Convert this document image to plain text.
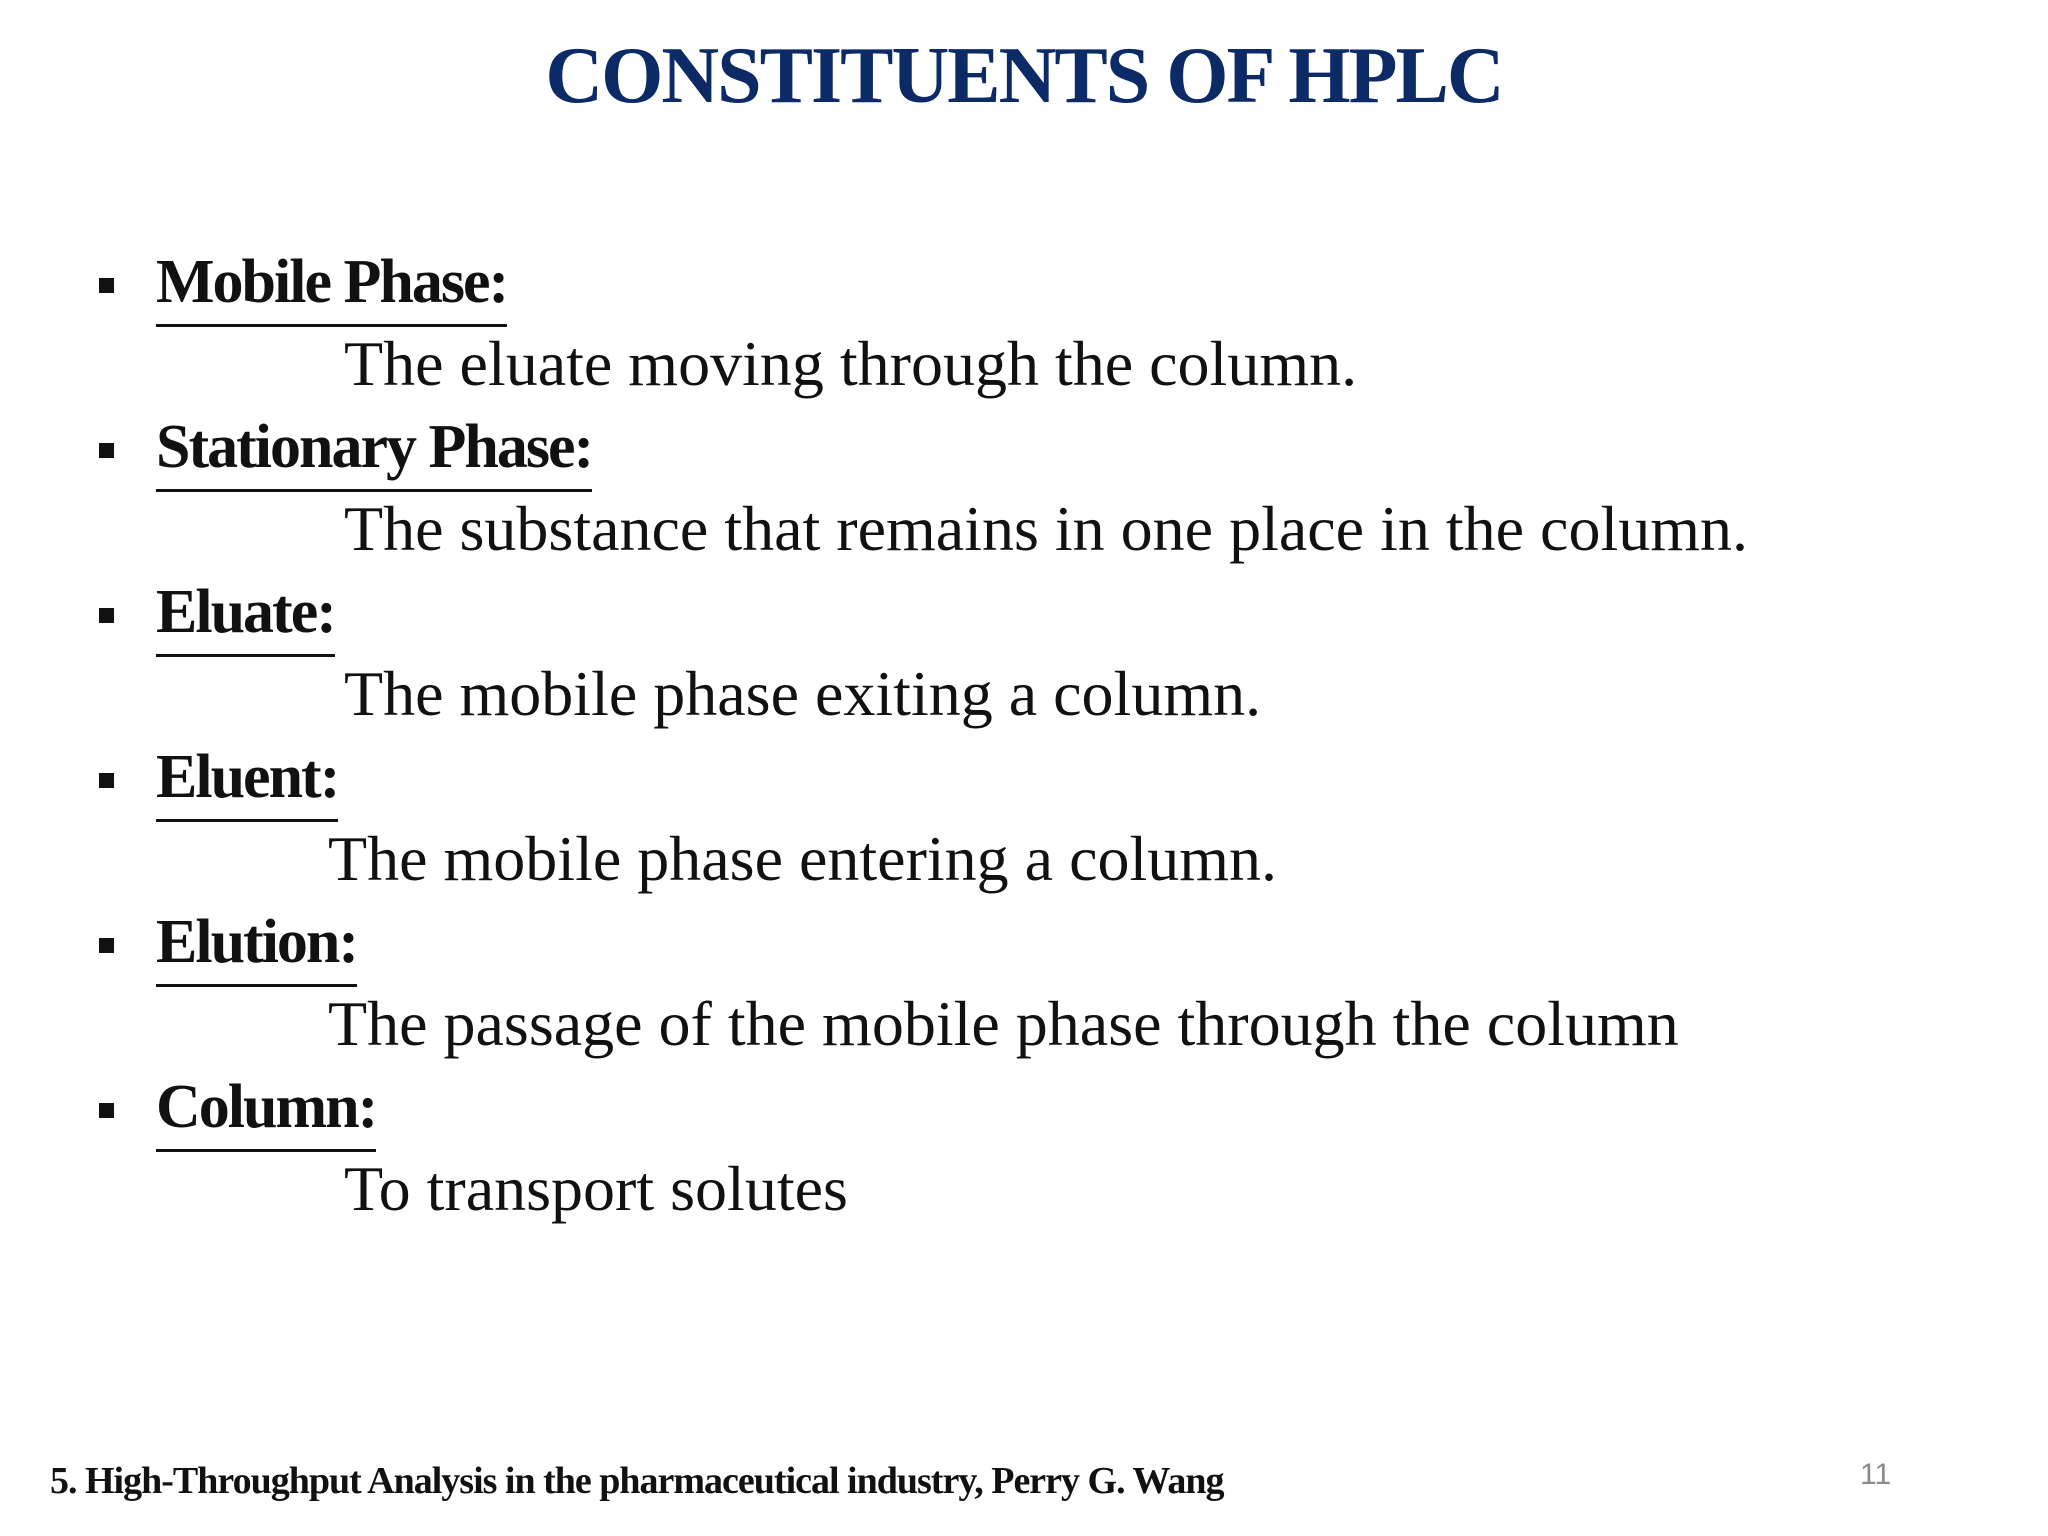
CONSTITUENTS OF HPLC
Mobile Phase:
The eluate moving through the column.
Stationary Phase:
The substance that remains in one place in the column.
Eluate:
The mobile phase exiting a column.
Eluent:
The mobile phase entering a column.
Elution:
The passage of the mobile phase through the column
Column:
To transport solutes
5. High-Throughput Analysis in the pharmaceutical industry, Perry G. Wang	11
